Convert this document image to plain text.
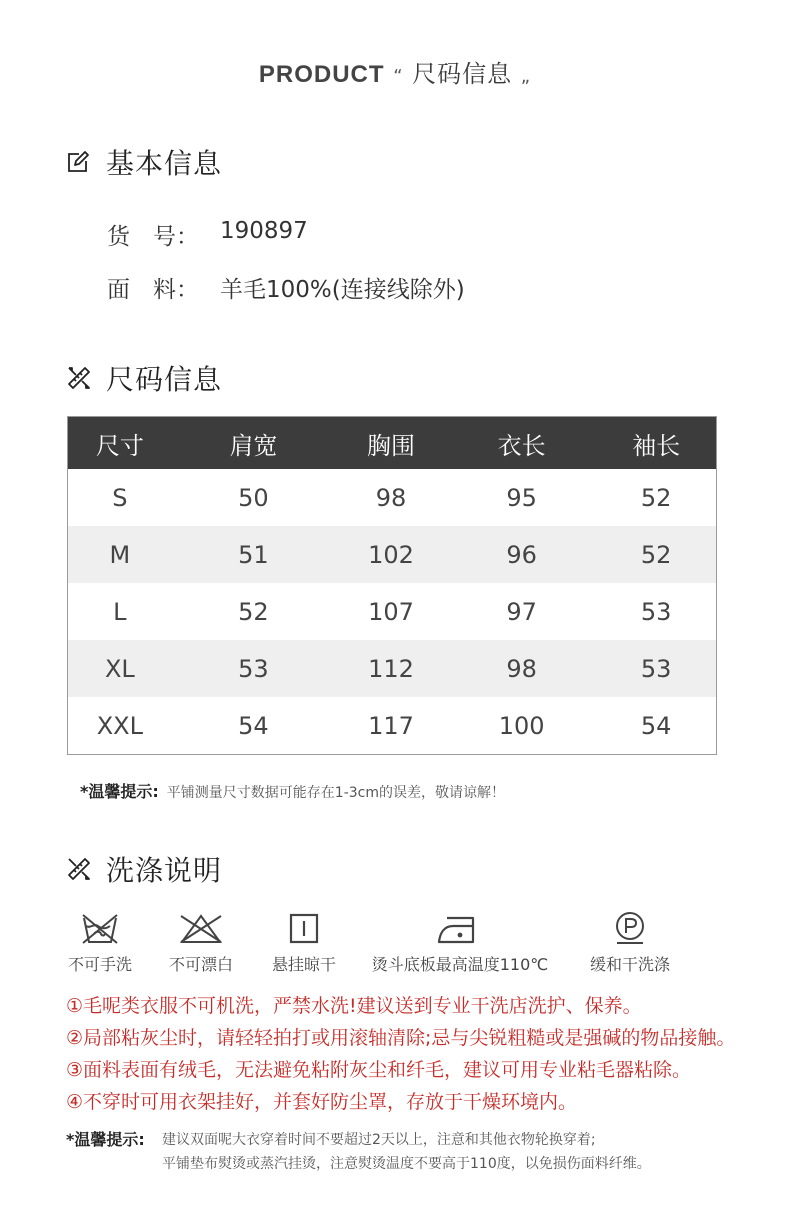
PRODUCT “ 尺码信息 „
基本信息
货　号： 190897
面　料： 羊毛100%(连接线除外)
尺码信息
尺寸	肩宽	胸围	衣长	袖长
S	50	98	95	52
M	51	102	96	52
L	52	107	97	53
XL	53	112	98	53
XXL	54	117	100	54
*温馨提示: 平铺测量尺寸数据可能存在1-3cm的误差，敬请谅解！
洗涤说明
不可手洗	不可漂白	悬挂晾干	烫斗底板最高温度110℃	缓和干洗涤
①毛呢类衣服不可机洗，严禁水洗!建议送到专业干洗店洗护、保养。
②局部粘灰尘时，请轻轻拍打或用滚轴清除;忌与尖锐粗糙或是强碱的物品接触。
③面料表面有绒毛，无法避免粘附灰尘和纤毛，建议可用专业粘毛器粘除。
④不穿时可用衣架挂好，并套好防尘罩，存放于干燥环境内。
*温馨提示:	建议双面呢大衣穿着时间不要超过2天以上，注意和其他衣物轮换穿着;
平铺垫布熨烫或蒸汽挂烫，注意熨烫温度不要高于110度，以免损伤面料纤维。
